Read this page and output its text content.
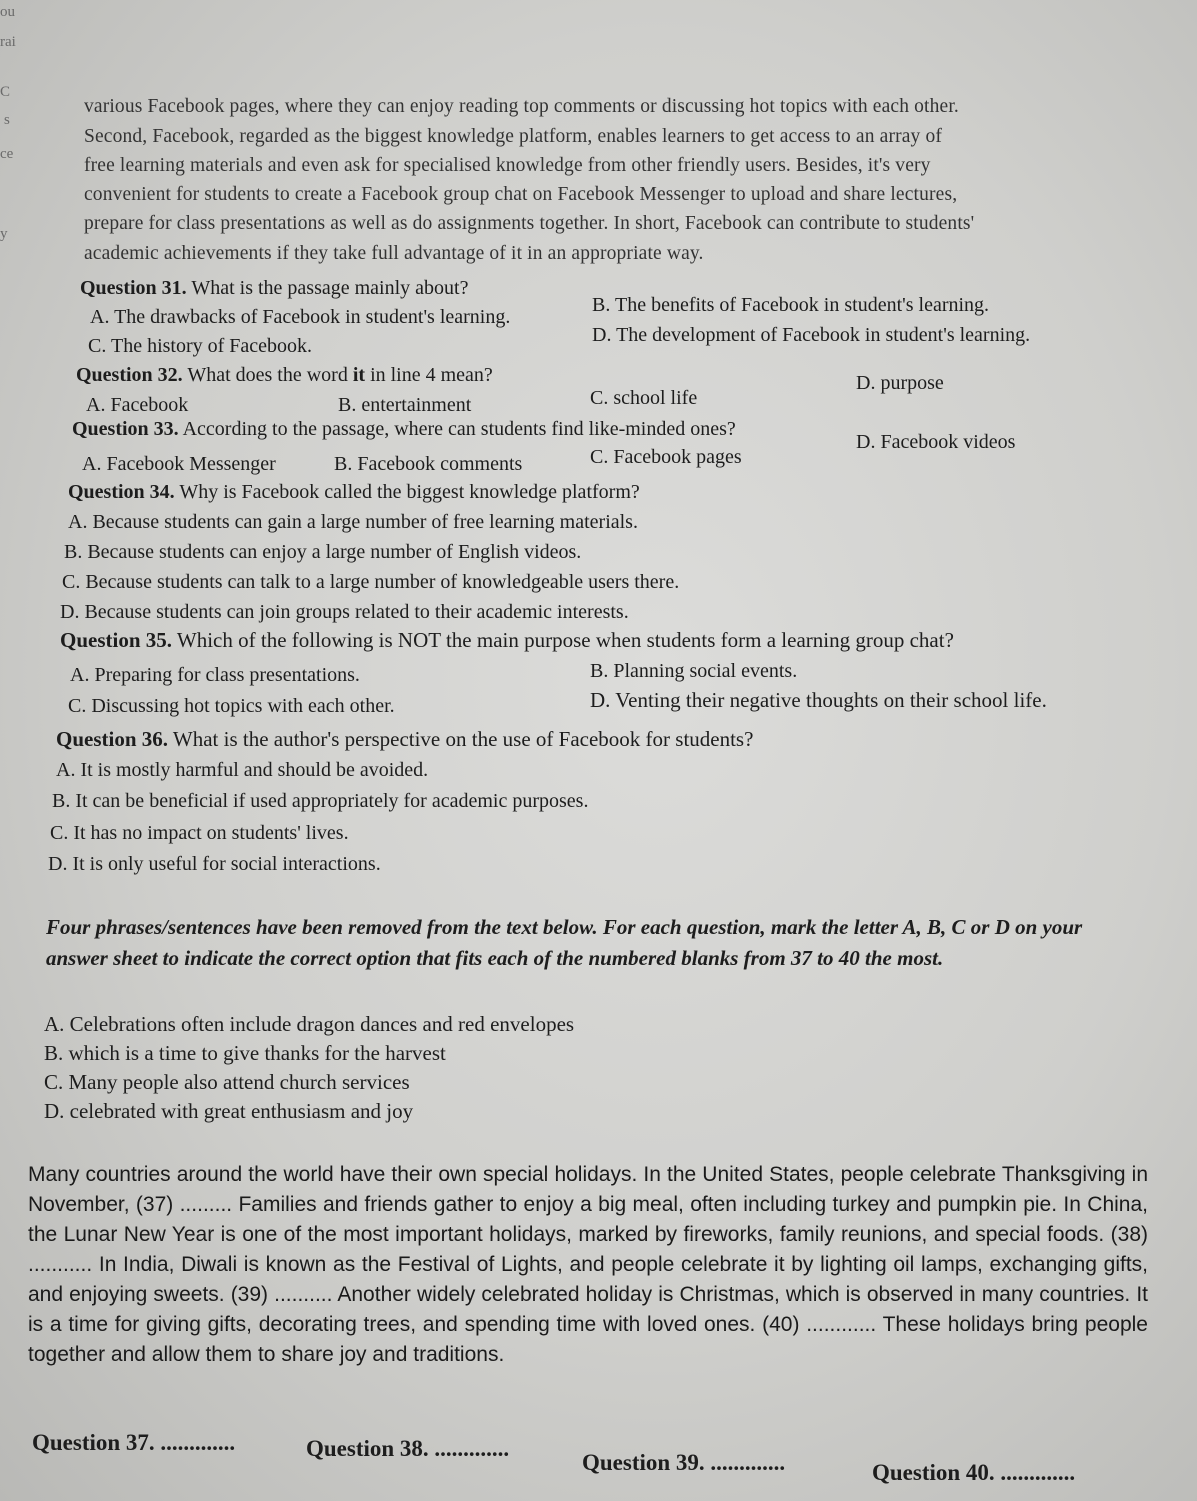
ou
rai
C
s
ce
y
various Facebook pages, where they can enjoy reading top comments or discussing hot topics with each other.
Second, Facebook, regarded as the biggest knowledge platform, enables learners to get access to an array of
free learning materials and even ask for specialised knowledge from other friendly users. Besides, it's very
convenient for students to create a Facebook group chat on Facebook Messenger to upload and share lectures,
prepare for class presentations as well as do assignments together. In short, Facebook can contribute to students'
academic achievements if they take full advantage of it in an appropriate way.
Question 31. What is the passage mainly about?
A. The drawbacks of Facebook in student's learning.
B. The benefits of Facebook in student's learning.
C. The history of Facebook.	D. The development of Facebook in student's learning.
Question 32. What does the word it in line 4 mean?
A. Facebook	B. entertainment	C. school life
D. purpose
Question 33. According to the passage, where can students find like-minded ones?
A. Facebook Messenger	B. Facebook comments	C. Facebook pages
D. Facebook videos
Question 34. Why is Facebook called the biggest knowledge platform?
A. Because students can gain a large number of free learning materials.
B. Because students can enjoy a large number of English videos.
C. Because students can talk to a large number of knowledgeable users there.
D. Because students can join groups related to their academic interests.
Question 35. Which of the following is NOT the main purpose when students form a learning group chat?
A. Preparing for class presentations.	B. Planning social events.
C. Discussing hot topics with each other.	D. Venting their negative thoughts on their school life.
Question 36. What is the author's perspective on the use of Facebook for students?
A. It is mostly harmful and should be avoided.
B. It can be beneficial if used appropriately for academic purposes.
C. It has no impact on students' lives.
D. It is only useful for social interactions.
Four phrases/sentences have been removed from the text below. For each question, mark the letter A, B, C or D on your answer sheet to indicate the correct option that fits each of the numbered blanks from 37 to 40 the most.
A. Celebrations often include dragon dances and red envelopes
B. which is a time to give thanks for the harvest
C. Many people also attend church services
D. celebrated with great enthusiasm and joy
Many countries around the world have their own special holidays. In the United States, people celebrate Thanksgiving in November, (37) ......... Families and friends gather to enjoy a big meal, often including turkey and pumpkin pie. In China, the Lunar New Year is one of the most important holidays, marked by fireworks, family reunions, and special foods. (38) ........... In India, Diwali is known as the Festival of Lights, and people celebrate it by lighting oil lamps, exchanging gifts, and enjoying sweets. (39) .......... Another widely celebrated holiday is Christmas, which is observed in many countries. It is a time for giving gifts, decorating trees, and spending time with loved ones. (40) ............ These holidays bring people together and allow them to share joy and traditions.
Question 37. .............	Question 38. .............
Question 39. .............	Question 40. .............
